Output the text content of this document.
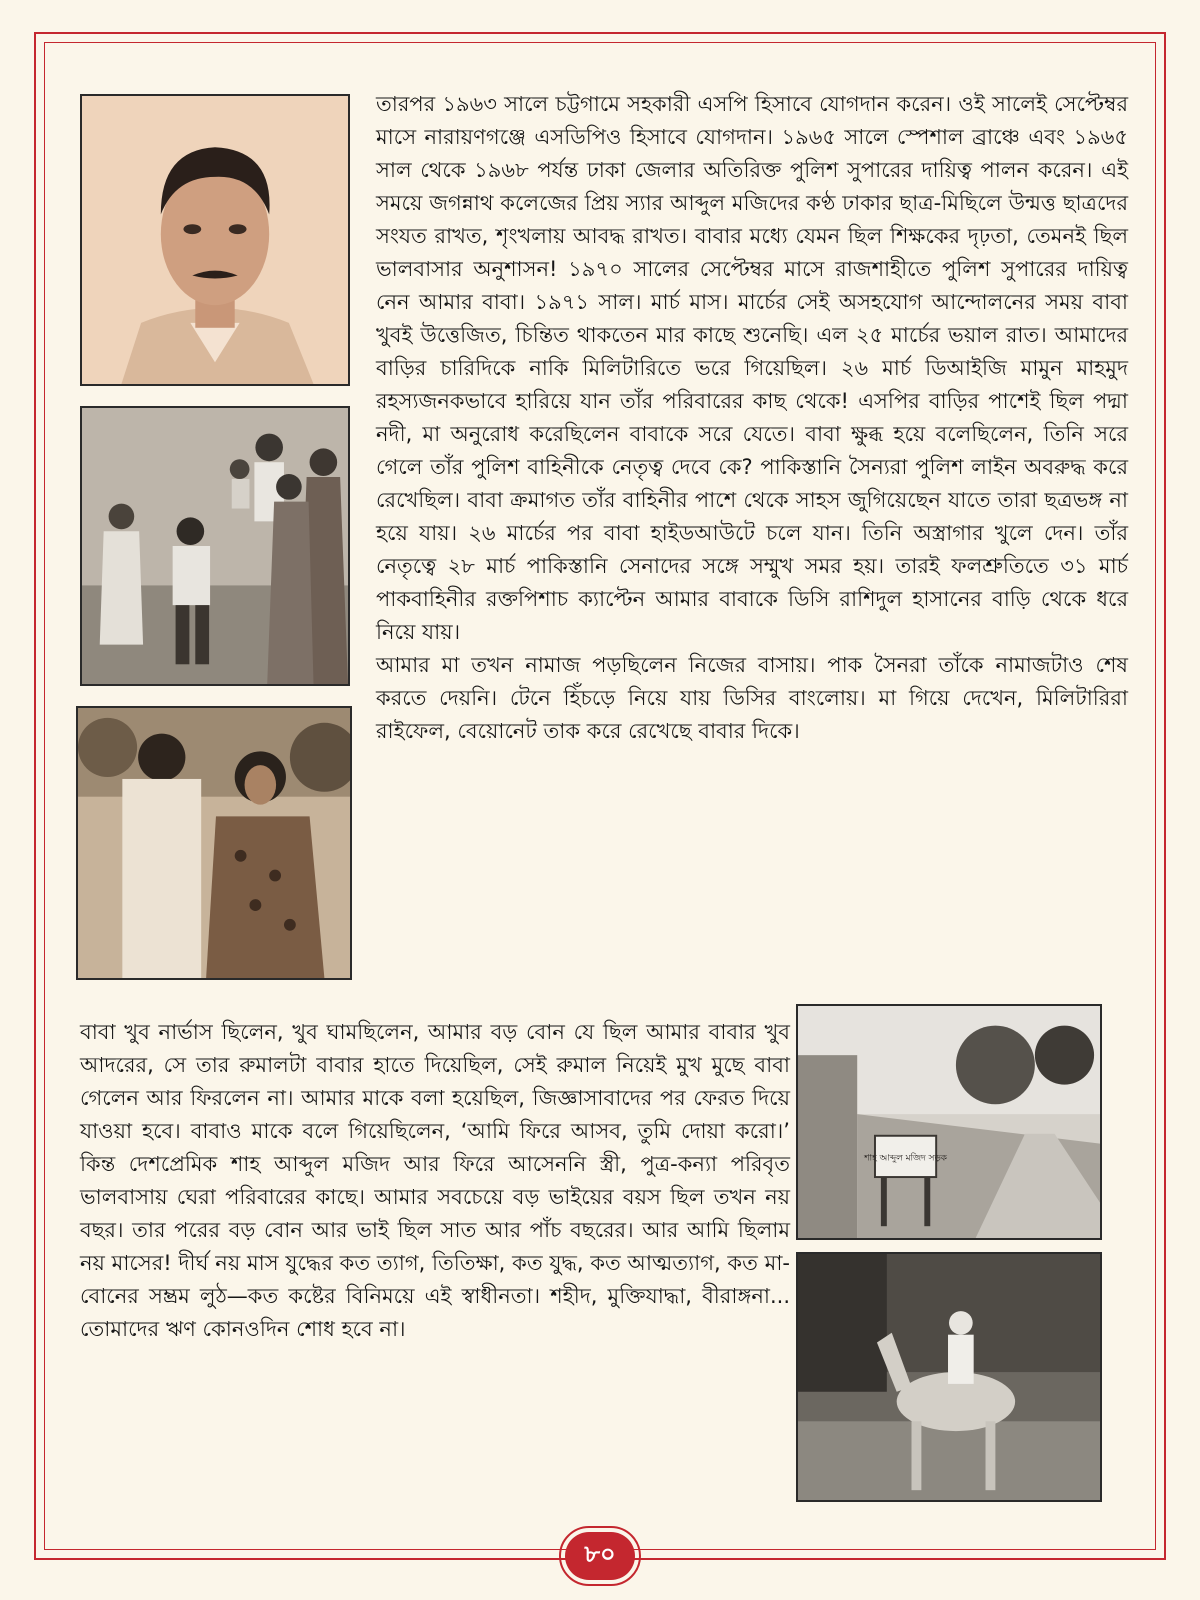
শাহ আব্দুল মজিদ সড়ক

তারপর ১৯৬৩ সালে চট্টগামে সহকারী এসপি হিসাবে যোগদান করেন। ওই সালেই সেপ্টেম্বর মাসে নারায়ণগঞ্জে এসডিপিও হিসাবে যোগদান। ১৯৬৫ সালে স্পেশাল ব্রাঞ্চে এবং ১৯৬৫ সাল থেকে ১৯৬৮ পর্যন্ত ঢাকা জেলার অতিরিক্ত পুলিশ সুপারের দায়িত্ব পালন করেন। এই সময়ে জগন্নাথ কলেজের প্রিয় স্যার আব্দুল মজিদের কণ্ঠ ঢাকার ছাত্র-মিছিলে উন্মত্ত ছাত্রদের সংযত রাখত, শৃংখলায় আবদ্ধ রাখত। বাবার মধ্যে যেমন ছিল শিক্ষকের দৃঢ়তা, তেমনই ছিল ভালবাসার অনুশাসন! ১৯৭০ সালের সেপ্টেম্বর মাসে রাজশাহীতে পুলিশ সুপারের দায়িত্ব নেন আমার বাবা। ১৯৭১ সাল। মার্চ মাস। মার্চের সেই অসহযোগ আন্দোলনের সময় বাবা খুবই উত্তেজিত, চিন্তিত থাকতেন মার কাছে শুনেছি। এল ২৫ মার্চের ভয়াল রাত। আমাদের বাড়ির চারিদিকে নাকি মিলিটারিতে ভরে গিয়েছিল। ২৬ মার্চ ডিআইজি মামুন মাহমুদ রহস্যজনকভাবে হারিয়ে যান তাঁর পরিবারের কাছ থেকে! এসপির বাড়ির পাশেই ছিল পদ্মা নদী, মা অনুরোধ করেছিলেন বাবাকে সরে যেতে। বাবা ক্ষুব্ধ হয়ে বলেছিলেন, তিনি সরে গেলে তাঁর পুলিশ বাহিনীকে নেতৃত্ব দেবে কে? পাকিস্তানি সৈন্যরা পুলিশ লাইন অবরুদ্ধ করে রেখেছিল। বাবা ক্রমাগত তাঁর বাহিনীর পাশে থেকে সাহস জুগিয়েছেন যাতে তারা ছত্রভঙ্গ না হয়ে যায়। ২৬ মার্চের পর বাবা হাইডআউটে চলে যান। তিনি অস্ত্রাগার খুলে দেন। তাঁর নেতৃত্বে ২৮ মার্চ পাকিস্তানি সেনাদের সঙ্গে সম্মুখ সমর হয়। তারই ফলশ্রুতিতে ৩১ মার্চ পাকবাহিনীর রক্তপিশাচ ক্যাপ্টেন আমার বাবাকে ডিসি রাশিদুল হাসানের বাড়ি থেকে ধরে নিয়ে যায়।

আমার মা তখন নামাজ পড়ছিলেন নিজের বাসায়। পাক সৈনরা তাঁকে নামাজটাও শেষ করতে দেয়নি। টেনে হিঁচড়ে নিয়ে যায় ডিসির বাংলোয়। মা গিয়ে দেখেন, মিলিটারিরা রাইফেল, বেয়োনেট তাক করে রেখেছে বাবার দিকে।

বাবা খুব নার্ভাস ছিলেন, খুব ঘামছিলেন, আমার বড় বোন যে ছিল আমার বাবার খুব আদরের, সে তার রুমালটা বাবার হাতে দিয়েছিল, সেই রুমাল নিয়েই মুখ মুছে বাবা গেলেন আর ফিরলেন না। আমার মাকে বলা হয়েছিল, জিজ্ঞাসাবাদের পর ফেরত দিয়ে যাওয়া হবে। বাবাও মাকে বলে গিয়েছিলেন, ‘আমি ফিরে আসব, তুমি দোয়া করো।’ কিন্ত দেশপ্রেমিক শাহ আব্দুল মজিদ আর ফিরে আসেননি স্ত্রী, পুত্র-কন্যা পরিবৃত ভালবাসায় ঘেরা পরিবারের কাছে। আমার সবচেয়ে বড় ভাইয়ের বয়স ছিল তখন নয় বছর। তার পরের বড় বোন আর ভাই ছিল সাত আর পাঁচ বছরের। আর আমি ছিলাম নয় মাসের! দীর্ঘ নয় মাস যুদ্ধের কত ত্যাগ, তিতিক্ষা, কত যুদ্ধ, কত আত্মত্যাগ, কত মা-বোনের সম্ভ্রম লুঠ—কত কষ্টের বিনিময়ে এই স্বাধীনতা। শহীদ, মুক্তিযাদ্ধা, বীরাঙ্গনা... তোমাদের ঋণ কোনওদিন শোধ হবে না।

৮০
